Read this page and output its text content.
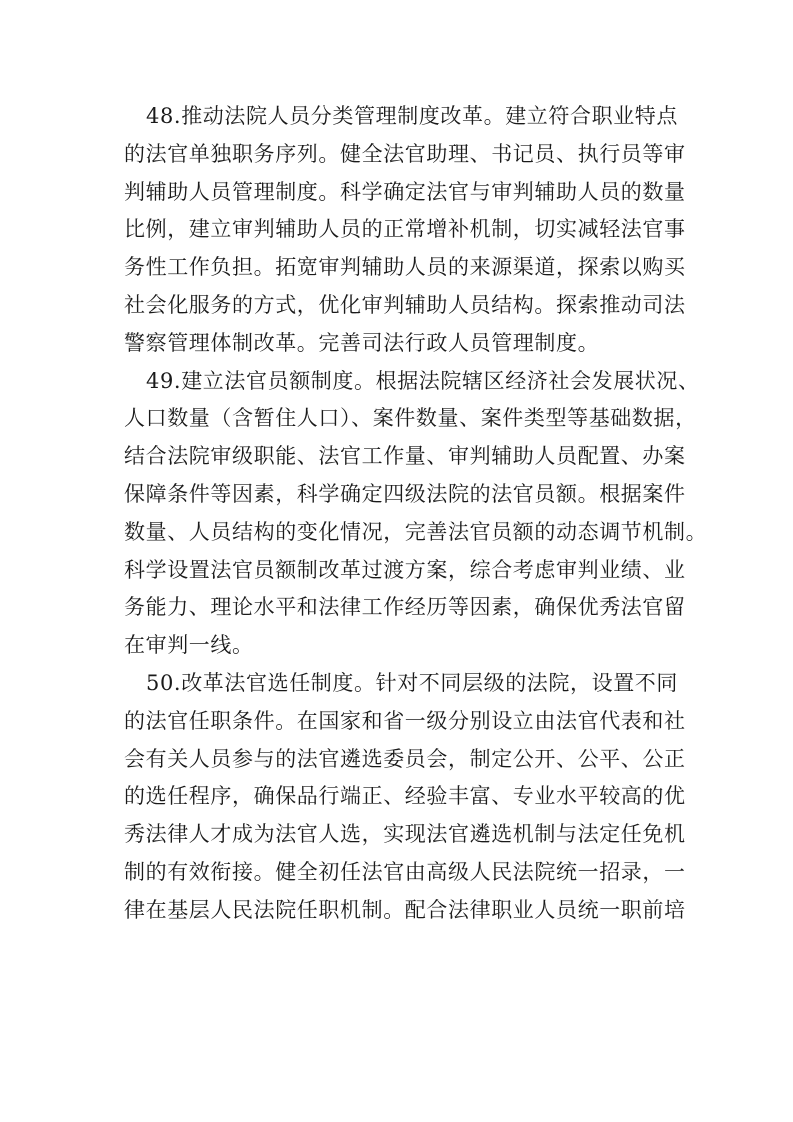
48.推动法院人员分类管理制度改革。建立符合职业特点
的法官单独职务序列。健全法官助理、书记员、执行员等审
判辅助人员管理制度。科学确定法官与审判辅助人员的数量
比例，建立审判辅助人员的正常增补机制，切实减轻法官事
务性工作负担。拓宽审判辅助人员的来源渠道，探索以购买
社会化服务的方式，优化审判辅助人员结构。探索推动司法
警察管理体制改革。完善司法行政人员管理制度。
49.建立法官员额制度。根据法院辖区经济社会发展状况、
人口数量（含暂住人口）、案件数量、案件类型等基础数据，
结合法院审级职能、法官工作量、审判辅助人员配置、办案
保障条件等因素，科学确定四级法院的法官员额。根据案件
数量、人员结构的变化情况，完善法官员额的动态调节机制。
科学设置法官员额制改革过渡方案，综合考虑审判业绩、业
务能力、理论水平和法律工作经历等因素，确保优秀法官留
在审判一线。
50.改革法官选任制度。针对不同层级的法院，设置不同
的法官任职条件。在国家和省一级分别设立由法官代表和社
会有关人员参与的法官遴选委员会，制定公开、公平、公正
的选任程序，确保品行端正、经验丰富、专业水平较高的优
秀法律人才成为法官人选，实现法官遴选机制与法定任免机
制的有效衔接。健全初任法官由高级人民法院统一招录，一
律在基层人民法院任职机制。配合法律职业人员统一职前培
